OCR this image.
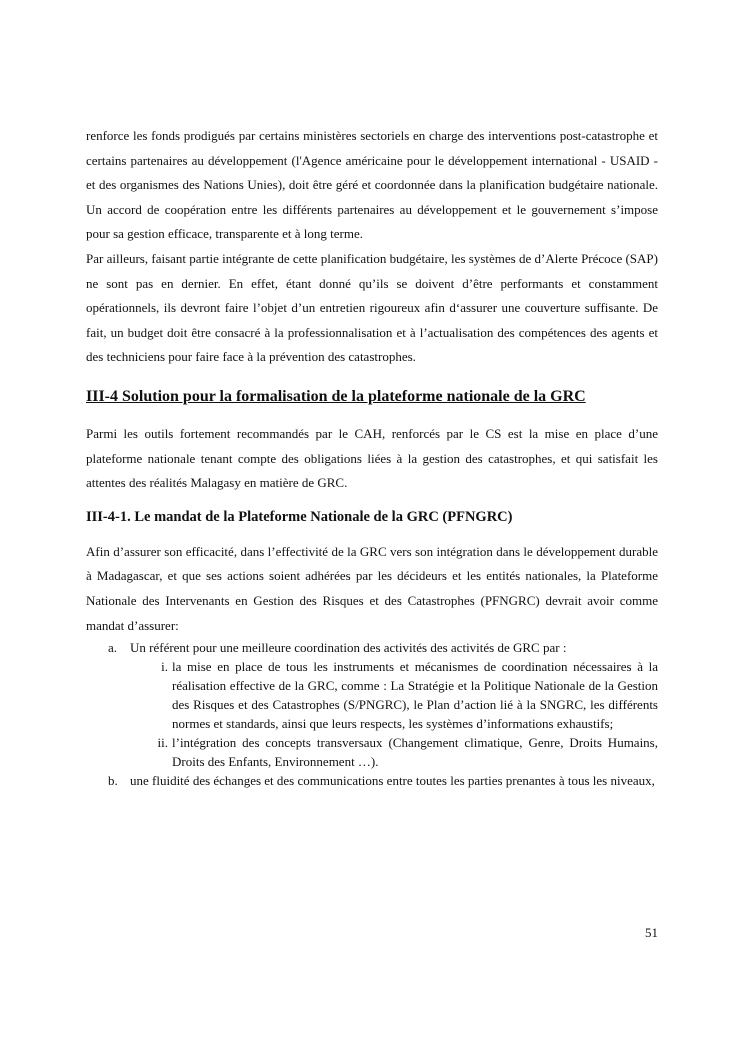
renforce les fonds prodigués par certains ministères sectoriels en charge des interventions post-catastrophe et certains partenaires au développement (l'Agence américaine pour le développement international - USAID - et des organismes des Nations Unies), doit être géré et coordonnée dans la planification budgétaire nationale. Un accord de coopération entre les différents partenaires au développement et le gouvernement s’impose pour sa gestion efficace, transparente et à long terme.

Par ailleurs, faisant partie intégrante de cette planification budgétaire, les systèmes de d’Alerte Précoce (SAP) ne sont pas en dernier. En effet, étant donné qu’ils se doivent d’être performants et constamment opérationnels, ils devront faire l’objet d’un entretien rigoureux afin d‘assurer une couverture suffisante. De fait, un budget doit être consacré à la professionnalisation et à l’actualisation des compétences des agents et des techniciens pour faire face à la prévention des catastrophes.

III-4 Solution pour la formalisation de la plateforme nationale de la GRC

Parmi les outils fortement recommandés par le CAH, renforcés par le CS est la mise en place d’une plateforme nationale tenant compte des obligations liées à la gestion des catastrophes, et qui satisfait les attentes des réalités Malagasy en matière de GRC.

III-4-1. Le mandat de la Plateforme Nationale de la GRC (PFNGRC)

Afin d’assurer son efficacité, dans l’effectivité de la GRC vers son intégration dans le développement durable à Madagascar, et que ses actions soient adhérées par les décideurs et les entités nationales, la Plateforme Nationale des Intervenants en Gestion des Risques et des Catastrophes (PFNGRC) devrait avoir comme mandat d’assurer:

a. Un référent pour une meilleure coordination des activités des activités de GRC par :
i. la mise en place de tous les instruments et mécanismes de coordination nécessaires à la réalisation effective de la GRC, comme : La Stratégie et la Politique Nationale de la Gestion des Risques et des Catastrophes (S/PNGRC), le Plan d’action lié à la SNGRC, les différents normes et standards, ainsi que leurs respects, les systèmes d’informations exhaustifs;
ii. l’intégration des concepts transversaux (Changement climatique, Genre, Droits Humains, Droits des Enfants, Environnement …).
b. une fluidité des échanges et des communications entre toutes les parties prenantes à tous les niveaux,
51
